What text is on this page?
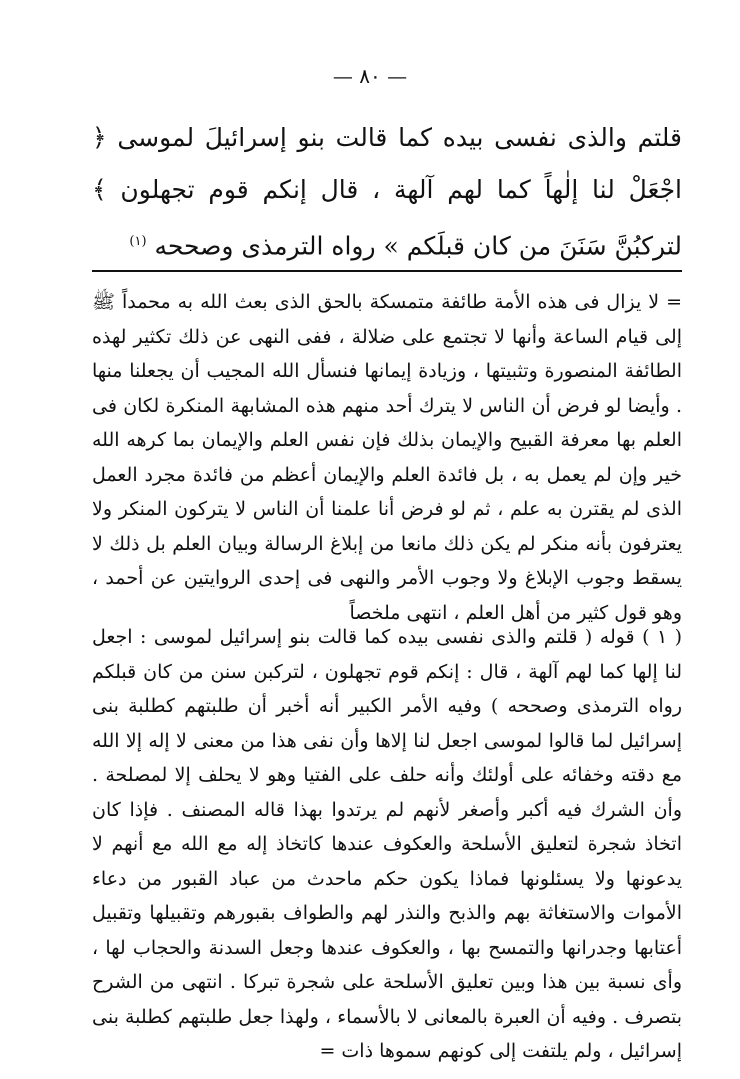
— ٨٠ —

قلتم والذى نفسى بيده كما قالت بنو إسرائيلَ لموسى ﴿ اجْعَلْ لنا إلٰهاً كما لهم آلهة ، قال إنكم قوم تجهلون ﴾ لتركبُنَّ سَنَنَ من كان قبلَكم » رواه الترمذى وصححه $^{(١)}$

= لا يزال فى هذه الأمة طائفة متمسكة بالحق الذى بعث الله به محمداً ﷺ إلى قيام الساعة وأنها لا تجتمع على ضلالة ، ففى النهى عن ذلك تكثير لهذه الطائفة المنصورة وتثبيتها ، وزيادة إيمانها فنسأل الله المجيب أن يجعلنا منها . وأيضا لو فرض أن الناس لا يترك أحد منهم هذه المشابهة المنكرة لكان فى العلم بها معرفة القبيح والإيمان بذلك فإن نفس العلم والإيمان بما كرهه الله خير وإن لم يعمل به ، بل فائدة العلم والإيمان أعظم من فائدة مجرد العمل الذى لم يقترن به علم ، ثم لو فرض أنا علمنا أن الناس لا يتركون المنكر ولا يعترفون بأنه منكر لم يكن ذلك مانعا من إبلاغ الرسالة وبيان العلم بل ذلك لا يسقط وجوب الإبلاغ ولا وجوب الأمر والنهى فى إحدى الروايتين عن أحمد ، وهو قول كثير من أهل العلم ، انتهى ملخصاً

( ١ ) قوله ( قلتم والذى نفسى بيده كما قالت بنو إسرائيل لموسى : اجعل لنا إلها كما لهم آلهة ، قال : إنكم قوم تجهلون ، لتركبن سنن من كان قبلكم رواه الترمذى وصححه ) وفيه الأمر الكبير أنه أخبر أن طلبتهم كطلبة بنى إسرائيل لما قالوا لموسى اجعل لنا إلاها وأن نفى هذا من معنى لا إله إلا الله مع دقته وخفائه على أولئك وأنه حلف على الفتيا وهو لا يحلف إلا لمصلحة . وأن الشرك فيه أكبر وأصغر لأنهم لم يرتدوا بهذا قاله المصنف . فإذا كان اتخاذ شجرة لتعليق الأسلحة والعكوف عندها كاتخاذ إله مع الله مع أنهم لا يدعونها ولا يسئلونها فماذا يكون حكم ماحدث من عباد القبور من دعاء الأموات والاستغاثة بهم والذبح والنذر لهم والطواف بقبورهم وتقبيلها وتقبيل أعتابها وجدرانها والتمسح بها ، والعكوف عندها وجعل السدنة والحجاب لها ، وأى نسبة بين هذا وبين تعليق الأسلحة على شجرة تبركا . انتهى من الشرح بتصرف . وفيه أن العبرة بالمعانى لا بالأسماء ، ولهذا جعل طلبتهم كطلبة بنى إسرائيل ، ولم يلتفت إلى كونهم سموها ذات =
